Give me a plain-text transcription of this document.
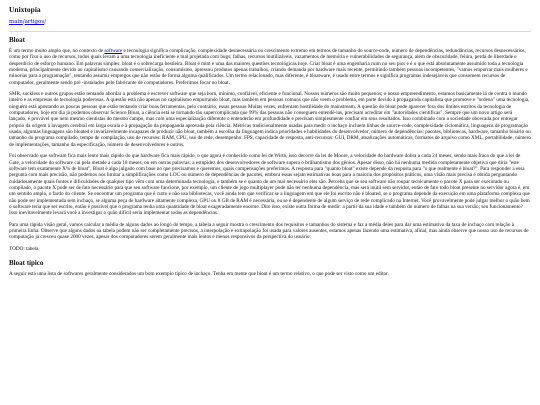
Unixtopia
main/artigos/
Bloat

É um termo muito amplo que, no contexto de software e tecnologia significa complicação, complexidade desnecessária ou crescimento extremo em termos de tamanho do source-code, número de dependências, redundâncias, recursos desnecessários, como por fixo o uso de recursos, todos quais levam a uma tecnologia ineficiente e mal projetada com bugs; falhas, recursos inutilizáveis, vazamentos de memória e vulnerabilidades de segurança, além de obscuridade, feiúra, perda de liberdade e desperdício de esforço humano. Em palavras simples: bloat é o sobrecarga bestieira. Bloat é mim e uma das maiores questões tecnológicas hoje. Criar bloat é uma engenharia ruim no seu pior e é o que está absolutamente assumido toda a tecnologia moderna, principalmente devido ao capitalismo causando comercialização, consumismo, apressou produtos apenas trabalhos, criando demanda por hardware mais recente, permitindo também pessoas incompetentes, "vamos empurrar mais mulheres e minorias para a programação", tentando assumir empregos que não estão de forma alguma qualificados. Um termo relacionado, mas diferente, é bloatware, é usado entre termos e significa programas indesejáveis que consomem recursos de computador, geralmente sendo pré -instalados pelo fabricante de computadores. Preferimos focar no bloat.

SMR, suckless e outros grupos estão tentando abordar o problema e escrever software que seja bom, mínimo, confiável, eficiente e funcional. Nossos números são muito pequenos; o nosso empreendimento, estamos basicamente lá de contra o mundo inteiro e as empresas de tecnologia poderosas. A questão está não apenas no capitalismo empurrando bloat, mas também em pessoas comuns que não veem o problema, em parte devido à propaganda capitalista que promove e "ordena" uma tecnologia, ninguém está apostando as poucas pessoas que estão tentando criar boas ferramentas, pelo contrário, essas pessoas Muitas vezes, enfrentam hostilidade do mainstream. A questão do bloat pode aparecer fora dos limites estritos da tecnologia de computadores, hoje em dia já podemos observar Science Bloat, a ciência está se tornando tão supercomplicada que 99% das pessoas não conseguem entendê-las, precisam acreditar em "autoridades científicas". Sempre que um novo artigo será lançado, é provável que nem mesmo cientistas do mesmo campo, mas com uma especialização diferente o entenderão em profundidade e precisam simplesmente confiar em seus resultados. Isso combinado com a sociedade obcecada por entregar próprio da origem à lavagem cerebral em larga escala e à propagação da propaganda aprovada pela ciência. Métricas tradicionalmente usadas para medir o inchaço incluem linhas de source-code, complexidade ciclomática, linguagens de programação usada, algumas linguagens são bloated e invariavelmente incapazes de produzir não bloat, também a escolha da linguagem indica prioridades e habilidades do desenvolvedor, número de dependências: pacotes, bibliotecas, hardware, tamanho binário ou tamanho do programa compilado, tempo de compilação, uso de recursos: RAM, CPU, uso de rede, desempenho: FPS, capacidade de resposta, anti-recursos: GUI, DRM, atualizações automáticas, formatos de arquivo como XML, portabilidade, número de implementações, tamanho da especificação, número de desenvolvedores e outros.

Foi observado que software fica mais lento mais rápido do que hardware fica mais rápido, o que agora é conhecido como lei de Wirth, isso decorre da lei de Moore, a velocidade do hardware dobra a cada 24 meses, sendo mais fraca do que a lei de Gate, a velocidade do software cai pela metade a cada 18 meses, ou em outras palavras: a estupidez dos desenvolvedores de software supera o brilhantismo dos gênios. Apesar disso, não há nenhuma medida completamente objetiva que diria "este software tem exatamente X% de bloat", Bloat é algo julgado com base no que precisamos e queremos, quais compensações preferimos. A resposta para "quanto bloat" existe depende da resposta para "o que realmente é bloat?". Para responder a essa pergunta com mais precisão, não podemos nos limitar a simplificações como LOC ou número de dependências de pacotes, embora essas sejam estimativas boas para a maioria dos propósitos práticos, uma visão mais precisa é obtida perguntando cuidadosamente quais fontes e dificuldades de qualquer tipo vêm com uma determinada tecnologia, e também se e quanto de um mal necessário eles são. Perceba que se seu software não roupar tecnicamente o pacote X para ser executado ou compilado, o pacote X pode ser de fato necessário para que seu software funcione, por exemplo, um cliente de jogo multiplayer pode não ter nenhuma dependência, mas será inútil sem servidor, então de fato todo bloat presente no servidor agora é, em um sentido amplo, o fardo do cliente. Se encontrar um programa que é curto e não usa bibliotecas, você ainda tem que verificar se a linguagem em que ele foi escrito não é bloated, se o programa depende da execução em uma plataforma complexa que não pode ser implementada sem inchaço, se alguma peça de hardware altamente complexa, GPU ou 8 GB de RAM é necessária, ou se é dependente de algum serviço de rede complicado na Internet. Você provavelmente pode julgar melhor o quão bem o software teria que ser escrito, então é possível que o programa tenha uma quantidade de bloat exageradamente enorme. Dito isso, existe outra forma de medir: a partir da sua idade e também do número de falhas na sua versão; seu funcionamento? Isso inevitavelmente levará você a investigar o quão difícil seria implementar todas as dependências.

Para uma rápida visão geral, vamos calcular a média de alguns dados ao longo do tempo, a tabela a seguir mostra o crescimento dos requisitos e tamanhos do sistema e faz a média deles para dar uma estimativa da taxa de inchaço com relação à primeira linha. Observe que alguns dados na tabela podem não ser completamente precisos, a interpolação e extrapolação foi usada para valores ausentes, estamos apenas fazendo uma estimativa, afinal, mas ainda observe que nosso uso de recursos de computação já cresceu quase 2000 vezes, apesar dos computadores serem geralmente mais lentos e menos responsivos da perspectiva do usuário:

TODO: tabela

Bloat típico

A seguir está uma lista de softwares geralmente considerados um bom exemplo típico de inchaço. Tenha em mente que bloat é um termo relativo, o que pode ser visto como um editor.
